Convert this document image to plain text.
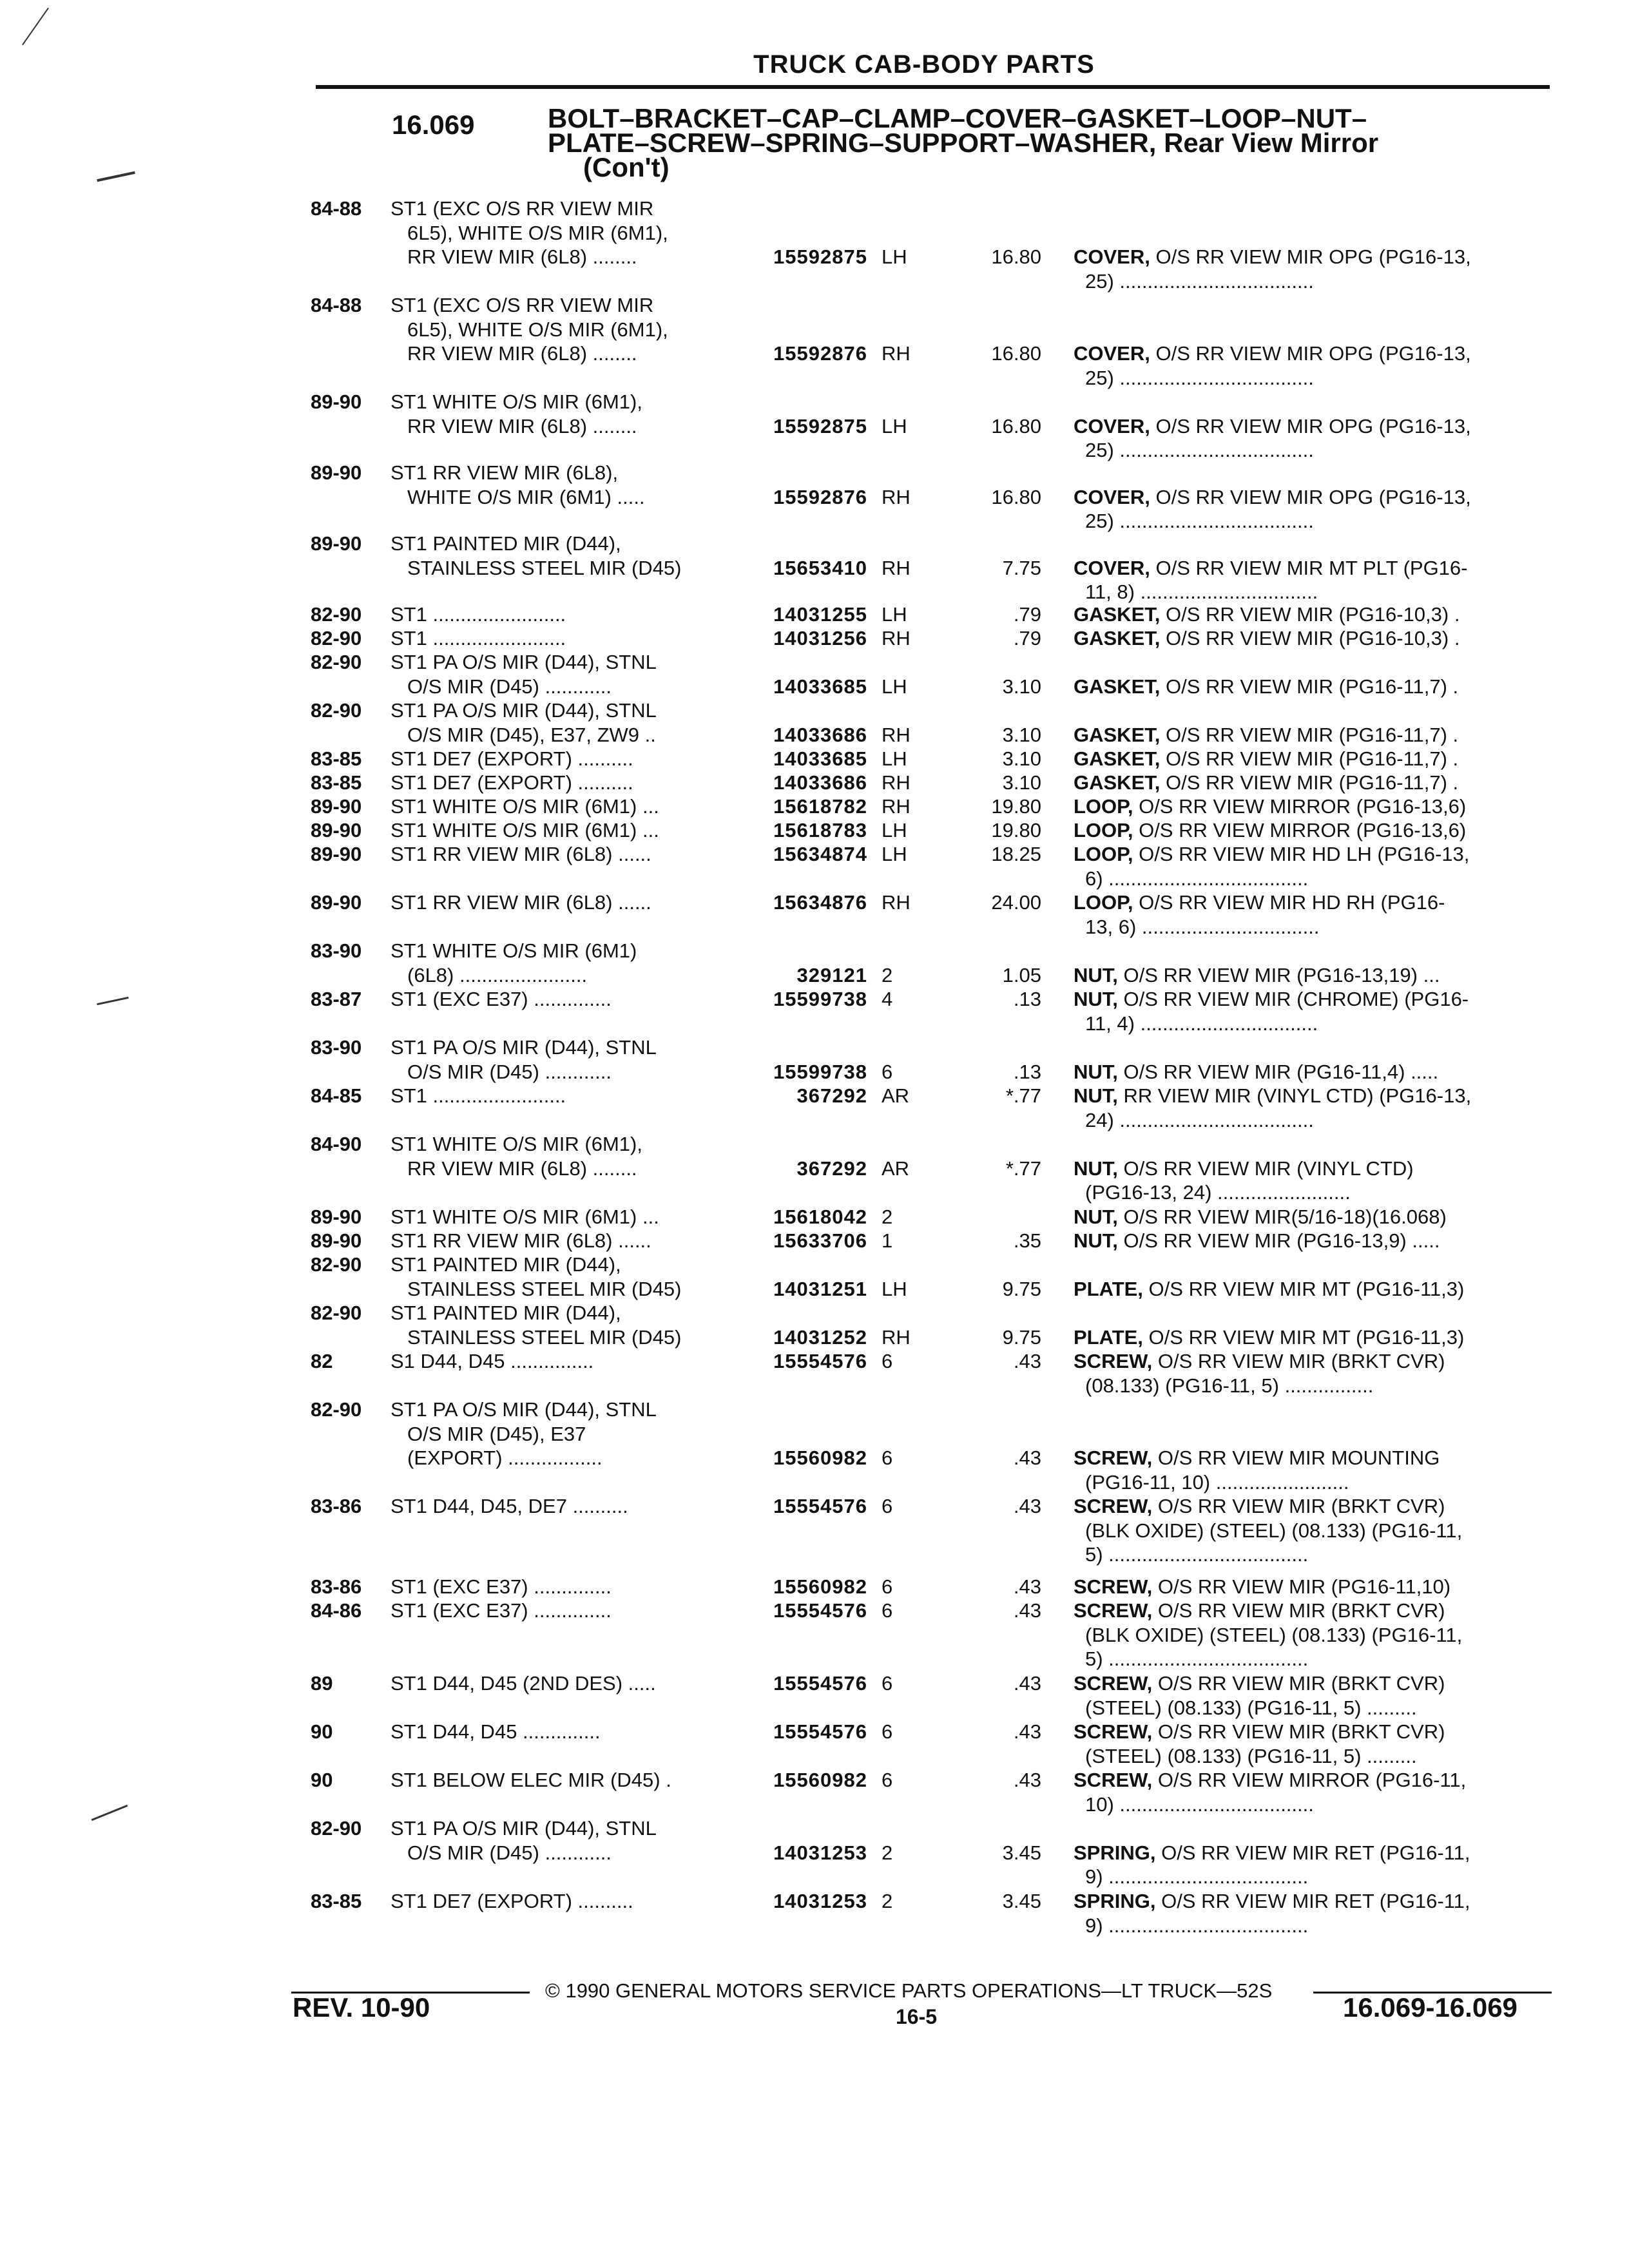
TRUCK CAB-BODY PARTS
16.069	BOLT–BRACKET–CAP–CLAMP–COVER–GASKET–LOOP–NUT–
PLATE–SCREW–SPRING–SUPPORT–WASHER, Rear View Mirror
(Con't)
84-88 ST1 (EXC O/S RR VIEW MIR
6L5), WHITE O/S MIR (6M1),
RR VIEW MIR (6L8) ........	15592875 LH	16.80 COVER, O/S RR VIEW MIR OPG (PG16-13,
25) ...................................
84-88 ST1 (EXC O/S RR VIEW MIR
6L5), WHITE O/S MIR (6M1),
RR VIEW MIR (6L8) ........	15592876 RH	16.80 COVER, O/S RR VIEW MIR OPG (PG16-13,
25) ...................................
89-90 ST1 WHITE O/S MIR (6M1),
RR VIEW MIR (6L8) ........	15592875 LH	16.80 COVER, O/S RR VIEW MIR OPG (PG16-13,
25) ...................................
89-90 ST1 RR VIEW MIR (6L8),
WHITE O/S MIR (6M1) .....	15592876 RH	16.80 COVER, O/S RR VIEW MIR OPG (PG16-13,
25) ...................................
89-90 ST1 PAINTED MIR (D44),
STAINLESS STEEL MIR (D45)	15653410 RH	7.75 COVER, O/S RR VIEW MIR MT PLT (PG16-
11, 8) ................................
82-90 ST1 ........................	14031255 LH	.79 GASKET, O/S RR VIEW MIR (PG16-10,3) .
82-90 ST1 ........................	14031256 RH	.79 GASKET, O/S RR VIEW MIR (PG16-10,3) .
82-90 ST1 PA O/S MIR (D44), STNL
O/S MIR (D45) ............	14033685 LH	3.10 GASKET, O/S RR VIEW MIR (PG16-11,7) .
82-90 ST1 PA O/S MIR (D44), STNL
O/S MIR (D45), E37, ZW9 ..	14033686 RH	3.10 GASKET, O/S RR VIEW MIR (PG16-11,7) .
83-85 ST1 DE7 (EXPORT) ..........	14033685 LH	3.10 GASKET, O/S RR VIEW MIR (PG16-11,7) .
83-85 ST1 DE7 (EXPORT) ..........	14033686 RH	3.10 GASKET, O/S RR VIEW MIR (PG16-11,7) .
89-90 ST1 WHITE O/S MIR (6M1) ...	15618782 RH	19.80 LOOP, O/S RR VIEW MIRROR (PG16-13,6)
89-90 ST1 WHITE O/S MIR (6M1) ...	15618783 LH	19.80 LOOP, O/S RR VIEW MIRROR (PG16-13,6)
89-90 ST1 RR VIEW MIR (6L8) ......	15634874 LH	18.25 LOOP, O/S RR VIEW MIR HD LH (PG16-13,
6) ....................................
89-90 ST1 RR VIEW MIR (6L8) ......	15634876 RH	24.00 LOOP, O/S RR VIEW MIR HD RH (PG16-
13, 6) ................................
83-90 ST1 WHITE O/S MIR (6M1)
(6L8) .......................	329121 2	1.05 NUT, O/S RR VIEW MIR (PG16-13,19) ...
83-87 ST1 (EXC E37) ..............	15599738 4	.13 NUT, O/S RR VIEW MIR (CHROME) (PG16-
11, 4) ................................
83-90 ST1 PA O/S MIR (D44), STNL
O/S MIR (D45) ............	15599738 6	.13 NUT, O/S RR VIEW MIR (PG16-11,4) .....
84-85 ST1 ........................	367292 AR	*.77 NUT, RR VIEW MIR (VINYL CTD) (PG16-13,
24) ...................................
84-90 ST1 WHITE O/S MIR (6M1),
RR VIEW MIR (6L8) ........	367292 AR	*.77 NUT, O/S RR VIEW MIR (VINYL CTD)
(PG16-13, 24) ........................
89-90 ST1 WHITE O/S MIR (6M1) ...	15618042 2	NUT, O/S RR VIEW MIR(5/16-18)(16.068)
89-90 ST1 RR VIEW MIR (6L8) ......	15633706 1	.35 NUT, O/S RR VIEW MIR (PG16-13,9) .....
82-90 ST1 PAINTED MIR (D44),
STAINLESS STEEL MIR (D45)	14031251 LH	9.75 PLATE, O/S RR VIEW MIR MT (PG16-11,3)
82-90 ST1 PAINTED MIR (D44),
STAINLESS STEEL MIR (D45)	14031252 RH	9.75 PLATE, O/S RR VIEW MIR MT (PG16-11,3)
82	S1 D44, D45 ...............	15554576 6	.43 SCREW, O/S RR VIEW MIR (BRKT CVR)
(08.133) (PG16-11, 5) ................
82-90 ST1 PA O/S MIR (D44), STNL
O/S MIR (D45), E37
(EXPORT) .................	15560982 6	.43 SCREW, O/S RR VIEW MIR MOUNTING
(PG16-11, 10) ........................
83-86 ST1 D44, D45, DE7 ..........	15554576 6	.43 SCREW, O/S RR VIEW MIR (BRKT CVR)
(BLK OXIDE) (STEEL) (08.133) (PG16-11,
5) ....................................
83-86 ST1 (EXC E37) ..............	15560982 6	.43 SCREW, O/S RR VIEW MIR (PG16-11,10)
84-86 ST1 (EXC E37) ..............	15554576 6	.43 SCREW, O/S RR VIEW MIR (BRKT CVR)
(BLK OXIDE) (STEEL) (08.133) (PG16-11,
5) ....................................
89	ST1 D44, D45 (2ND DES) .....	15554576 6	.43 SCREW, O/S RR VIEW MIR (BRKT CVR)
(STEEL) (08.133) (PG16-11, 5) .........
90	ST1 D44, D45 ..............	15554576 6	.43 SCREW, O/S RR VIEW MIR (BRKT CVR)
(STEEL) (08.133) (PG16-11, 5) .........
90	ST1 BELOW ELEC MIR (D45) .	15560982 6	.43 SCREW, O/S RR VIEW MIRROR (PG16-11,
10) ...................................
82-90 ST1 PA O/S MIR (D44), STNL
O/S MIR (D45) ............	14031253 2	3.45 SPRING, O/S RR VIEW MIR RET (PG16-11,
9) ....................................
83-85 ST1 DE7 (EXPORT) ..........	14031253 2	3.45 SPRING, O/S RR VIEW MIR RET (PG16-11,
9) ....................................
© 1990 GENERAL MOTORS SERVICE PARTS OPERATIONS—LT TRUCK—52S
REV. 10-90	16-5	16.069-16.069
